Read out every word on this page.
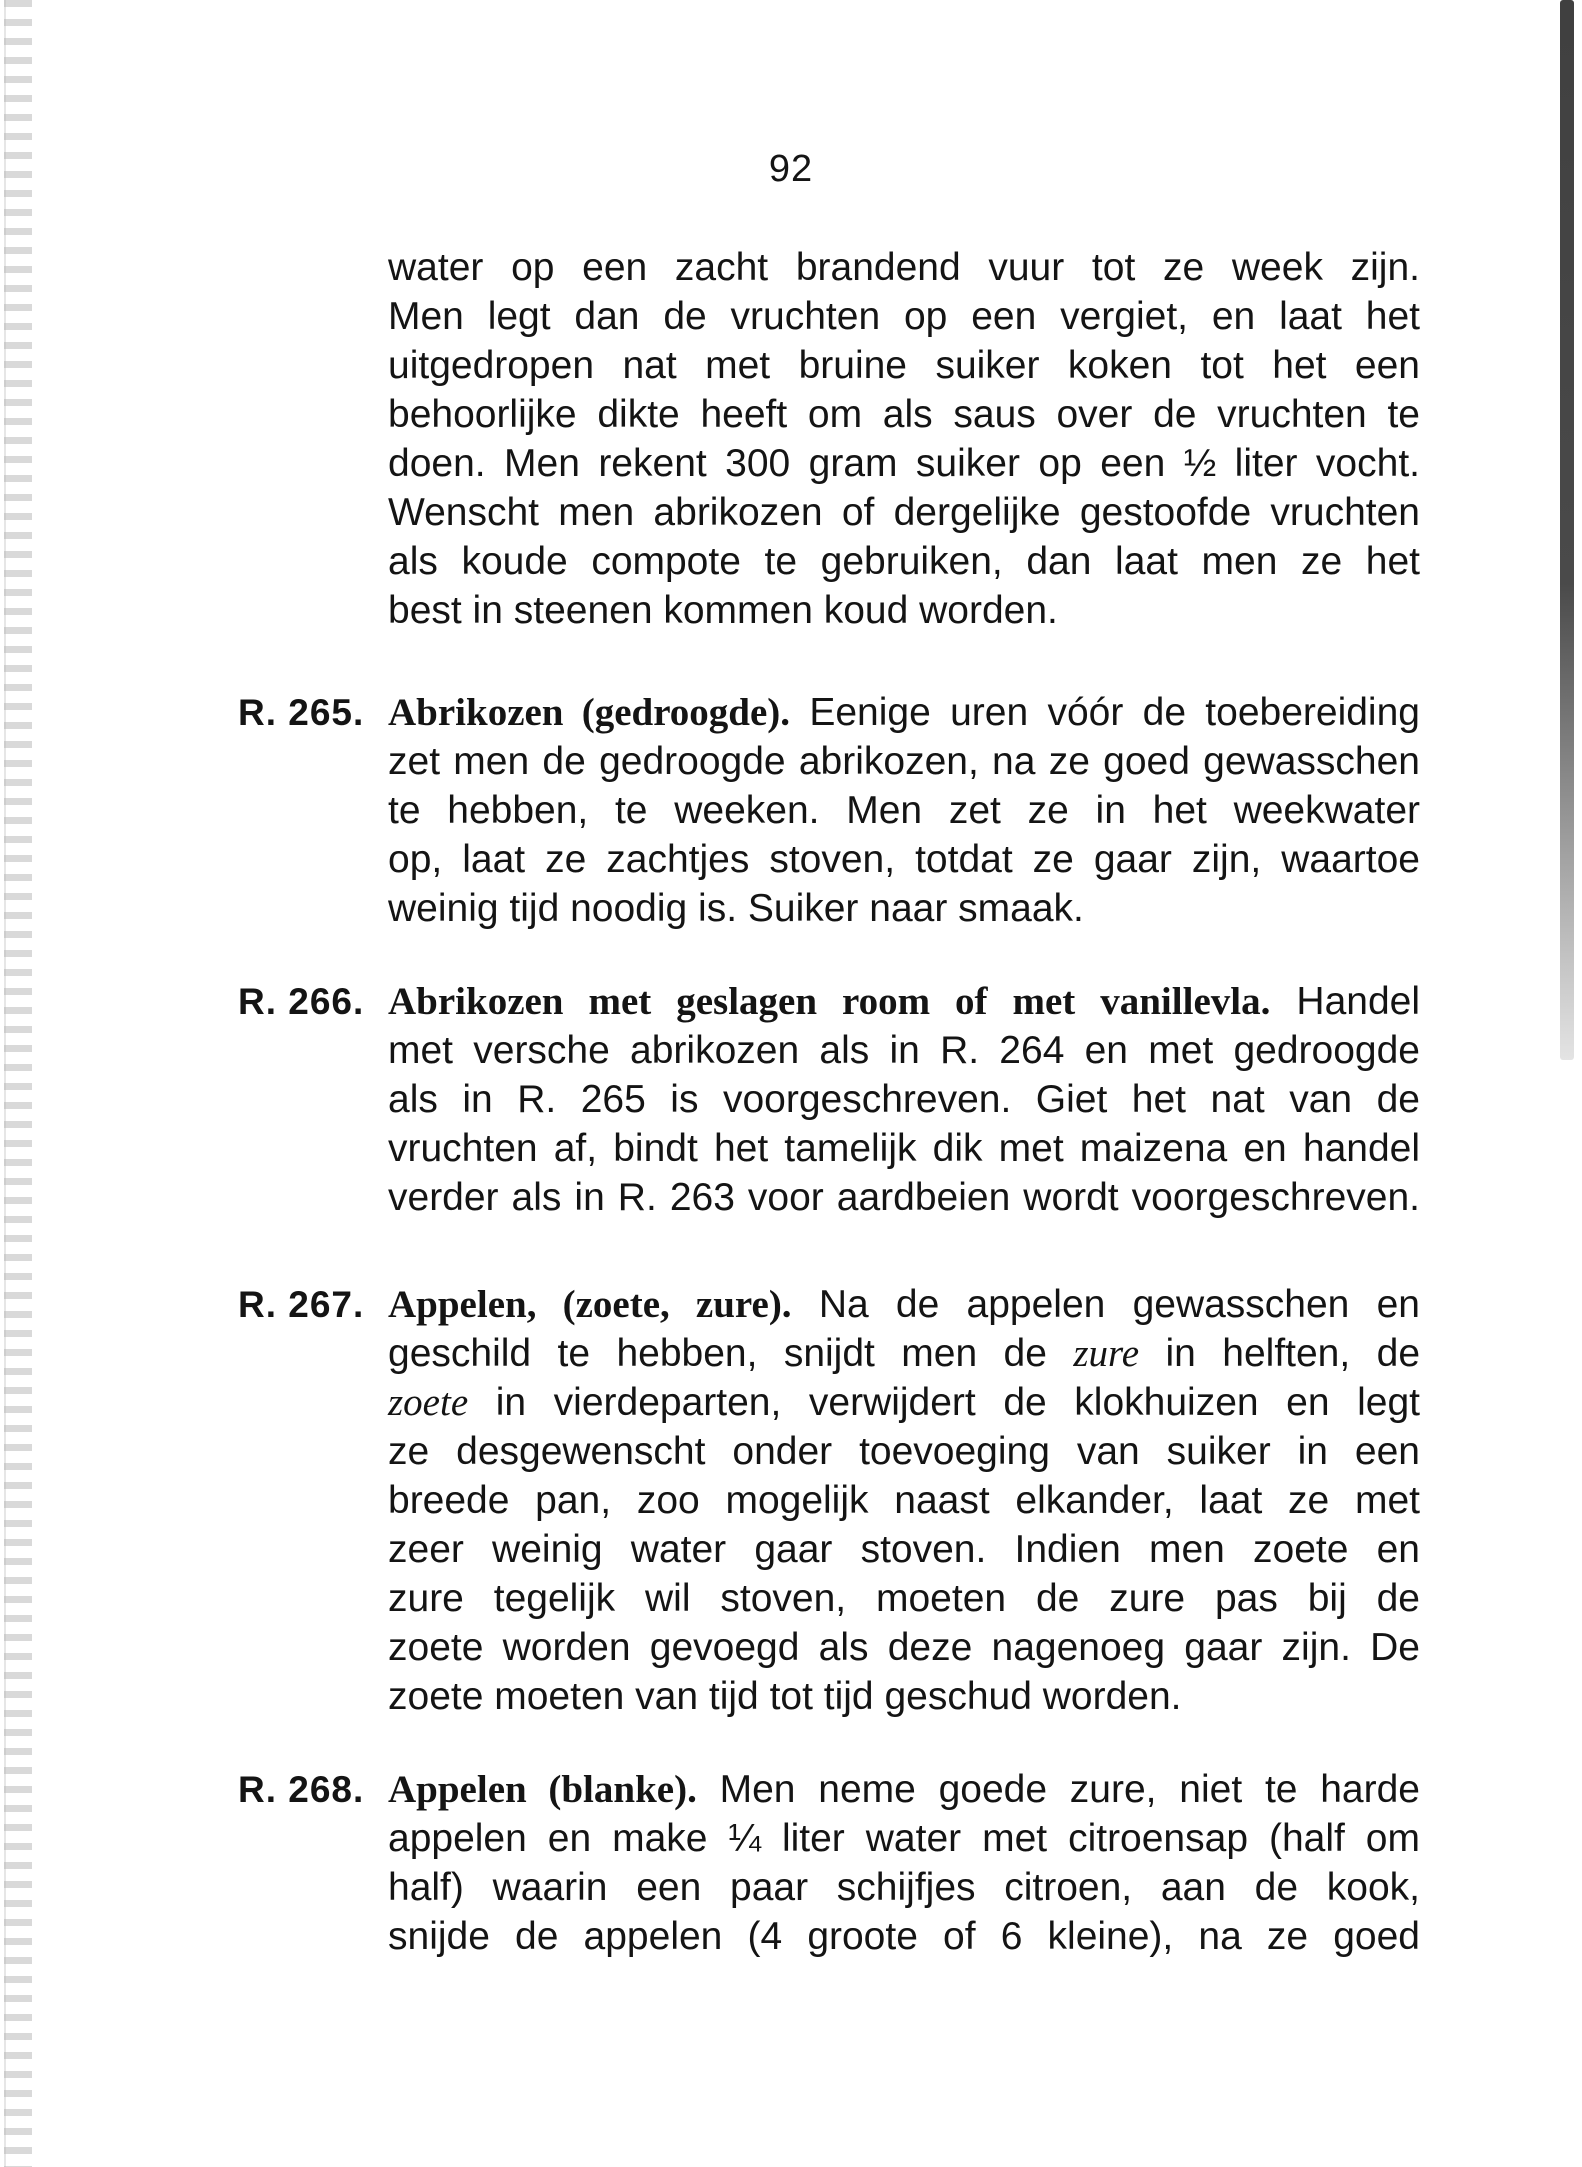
92
water op een zacht brandend vuur tot ze week zijn.
Men legt dan de vruchten op een vergiet, en laat het
uitgedropen nat met bruine suiker koken tot het een
behoorlijke dikte heeft om als saus over de vruchten te
doen. Men rekent 300 gram suiker op een ½ liter vocht.
Wenscht men abrikozen of dergelijke gestoofde vruchten
als koude compote te gebruiken, dan laat men ze het
best in steenen kommen koud worden.
R. 265. Abrikozen (gedroogde). Eenige uren vóór de toebereiding
zet men de gedroogde abrikozen, na ze goed gewasschen
te hebben, te weeken. Men zet ze in het weekwater
op, laat ze zachtjes stoven, totdat ze gaar zijn, waartoe
weinig tijd noodig is. Suiker naar smaak.
R. 266. Abrikozen met geslagen room of met vanillevla. Handel
met versche abrikozen als in R. 264 en met gedroogde
als in R. 265 is voorgeschreven. Giet het nat van de
vruchten af, bindt het tamelijk dik met maizena en handel
verder als in R. 263 voor aardbeien wordt voorgeschreven.
R. 267. Appelen, (zoete, zure). Na de appelen gewasschen en
geschild te hebben, snijdt men de zure in helften, de
zoete in vierdeparten, verwijdert de klokhuizen en legt
ze desgewenscht onder toevoeging van suiker in een
breede pan, zoo mogelijk naast elkander, laat ze met
zeer weinig water gaar stoven. Indien men zoete en
zure tegelijk wil stoven, moeten de zure pas bij de
zoete worden gevoegd als deze nagenoeg gaar zijn. De
zoete moeten van tijd tot tijd geschud worden.
R. 268. Appelen (blanke). Men neme goede zure, niet te harde
appelen en make ¼ liter water met citroensap (half om
half) waarin een paar schijfjes citroen, aan de kook,
snijde de appelen (4 groote of 6 kleine), na ze goed
